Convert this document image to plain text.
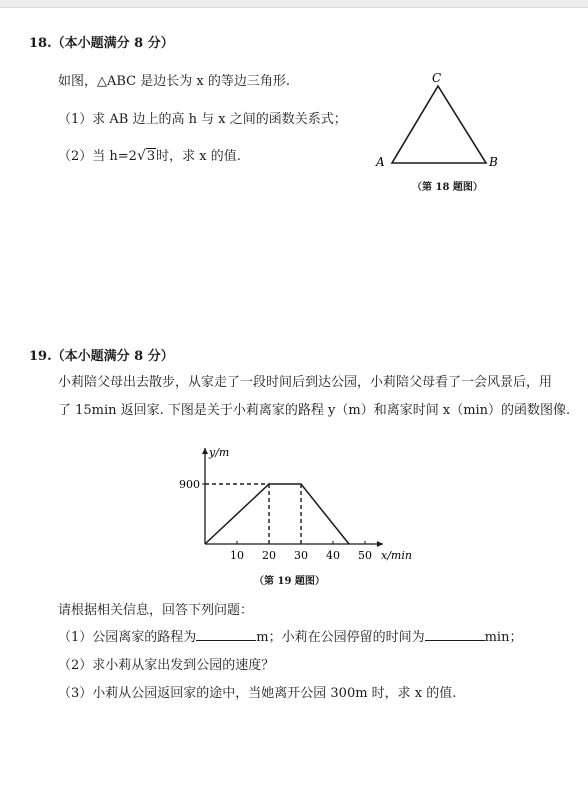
18.（本小题满分 8 分）
如图，△ABC 是边长为 x 的等边三角形.
（1）求 AB 边上的高 h 与 x 之间的函数关系式；
（2）当 h=2√3时，求 x 的值.
C
A	B
（第 18 题图）
19.（本小题满分 8 分）
小莉陪父母出去散步，从家走了一段时间后到达公园，小莉陪父母看了一会风景后，用
了 15min 返回家. 下图是关于小莉离家的路程 y（m）和离家时间 x（min）的函数图像.
y/m
x/min
10 20 30 40 50
900
（第 19 题图）
请根据相关信息，回答下列问题：
（1）公园离家的路程为	m；小莉在公园停留的时间为	min；
（2）求小莉从家出发到公园的速度？
（3）小莉从公园返回家的途中，当她离开公园 300m 时，求 x 的值.
